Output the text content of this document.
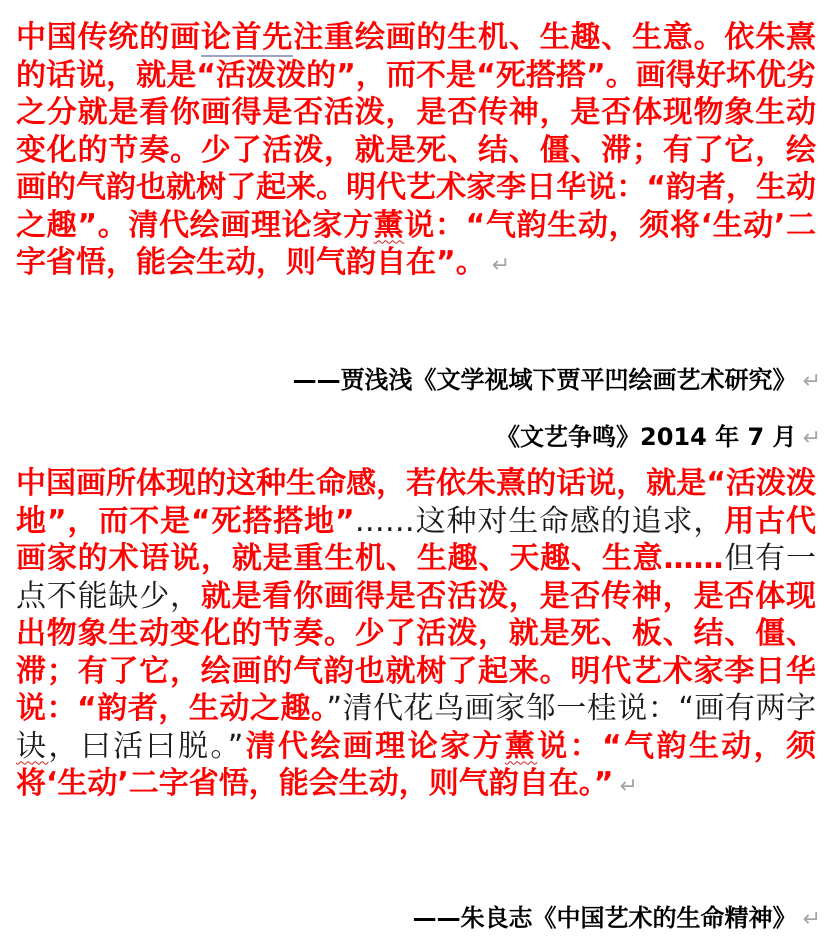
中国传统的画论首先注重绘画的生机、生趣、生意。依朱熹的话说，就是“活泼泼的”，而不是“死搭搭”。画得好坏优劣之分就是看你画得是否活泼，是否传神，是否体现物象生动变化的节奏。少了活泼，就是死、结、僵、滞；有了它，绘画的气韵也就树了起来。明代艺术家李日华说：“韵者，生动之趣”。清代绘画理论家方薰说：“气韵生动，须将‘生动’二字省悟，能会生动，则气韵自在”。 ↵

——贾浅浅《文学视域下贾平凹绘画艺术研究》 ↵

《文艺争鸣》2014 年 7 月 ↵

中国画所体现的这种生命感，若依朱熹的话说，就是“活泼泼地”，而不是“死搭搭地”……这种对生命感的追求，用古代画家的术语说，就是重生机、生趣、天趣、生意……但有一点不能缺少，就是看你画得是否活泼，是否传神，是否体现出物象生动变化的节奏。少了活泼，就是死、板、结、僵、滞；有了它，绘画的气韵也就树了起来。明代艺术家李日华说：“韵者，生动之趣。”清代花鸟画家邹一桂说：“画有两字诀，曰活曰脱。”清代绘画理论家方薰说：“气韵生动，须将‘生动’二字省悟，能会生动，则气韵自在。” ↵

——朱良志《中国艺术的生命精神》 ↵
